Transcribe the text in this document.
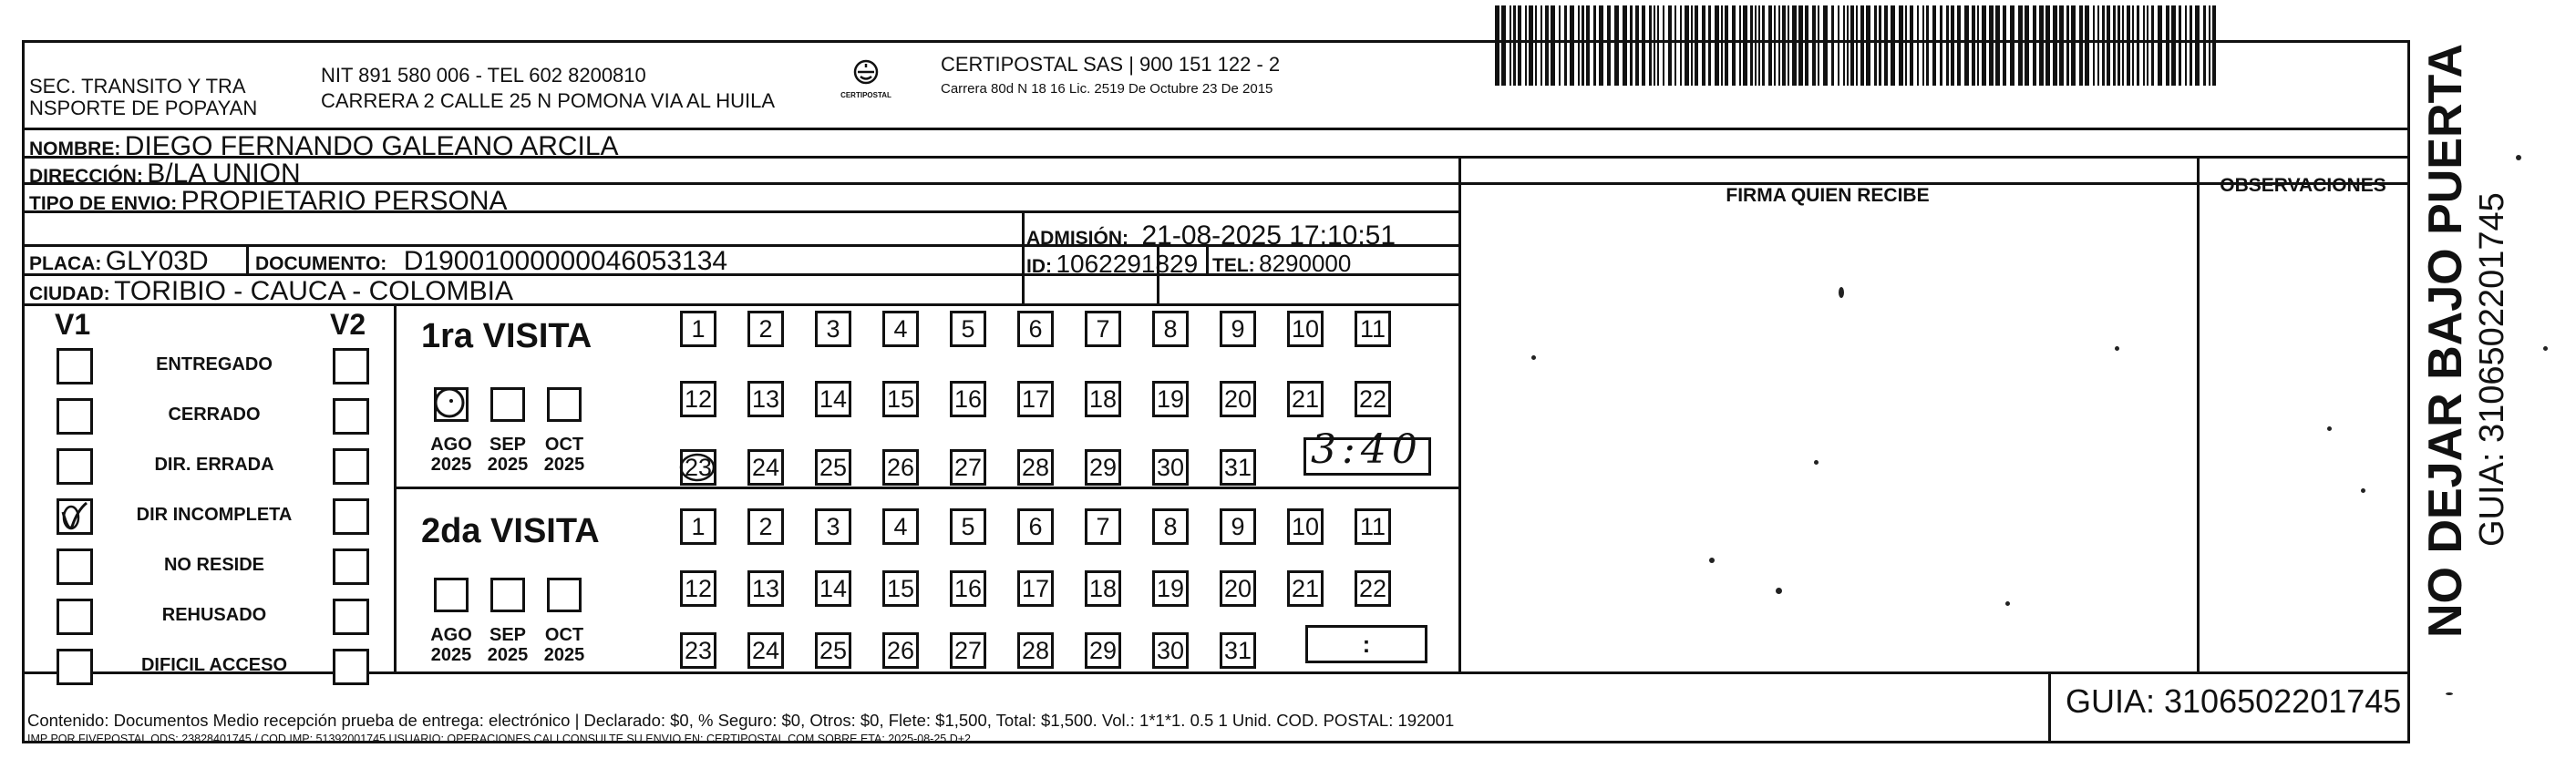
SEC. TRANSITO Y TRA
NSPORTE DE POPAYAN
NIT 891 580 006 - TEL 602 8200810
CARRERA 2 CALLE 25 N POMONA VIA AL HUILA	CERTIPOSTAL
CERTIPOSTAL SAS | 900 151 122 - 2
Carrera 80d N 18 16 Lic. 2519 De Octubre 23 De 2015
NOMBRE: DIEGO FERNANDO GALEANO ARCILA
DIRECCIÓN: B/LA UNION
TIPO DE ENVIO: PROPIETARIO PERSONA
ADMISIÓN: 21-08-2025 17:10:51
PLACA: GLY03D DOCUMENTO: D19001000000046053134	ID: 1062291829 TEL: 8290000
CIUDAD: TORIBIO - CAUCA - COLOMBIA
FIRMA QUIEN RECIBE	OBSERVACIONES
V1	V2
ENTREGADO
CERRADO
DIR. ERRADA
DIR INCOMPLETA
NO RESIDE
REHUSADO
DIFICIL ACCESO
1ra VISITA
2da VISITA
AGO
2025
SEP
2025
OCT
2025
AGO
2025
SEP
2025
OCT
2025
1	2	3	4	5	6	7	8	9	10 11
12 13 14 15 16 17 18 19 20 21 22
23 24 25 26 27 28 29 30 31
1	2	3	4	5	6	7	8	9	10 11
12 13 14 15 16 17 18 19 20 21 22
23 24 25 26 27 28 29 30 31
3:40
:
Contenido: Documentos Medio recepción prueba de entrega: electrónico | Declarado: $0, % Seguro: $0, Otros: $0, Flete: $1,500, Total: $1,500. Vol.: 1*1*1. 0.5 1 Unid. COD. POSTAL: 192001
IMP POR FIVEPOSTAL ODS: 23828401745 / COD.IMP: 51392001745 USUARIO: OPERACIONES.CALI CONSULTE SU ENVIO EN: CERTIPOSTAL.COM SOBRE ETA: 2025-08-25 D+2
GUIA: 3106502201745
NO DEJAR BAJO PUERTA GUIA: 3106502201745
